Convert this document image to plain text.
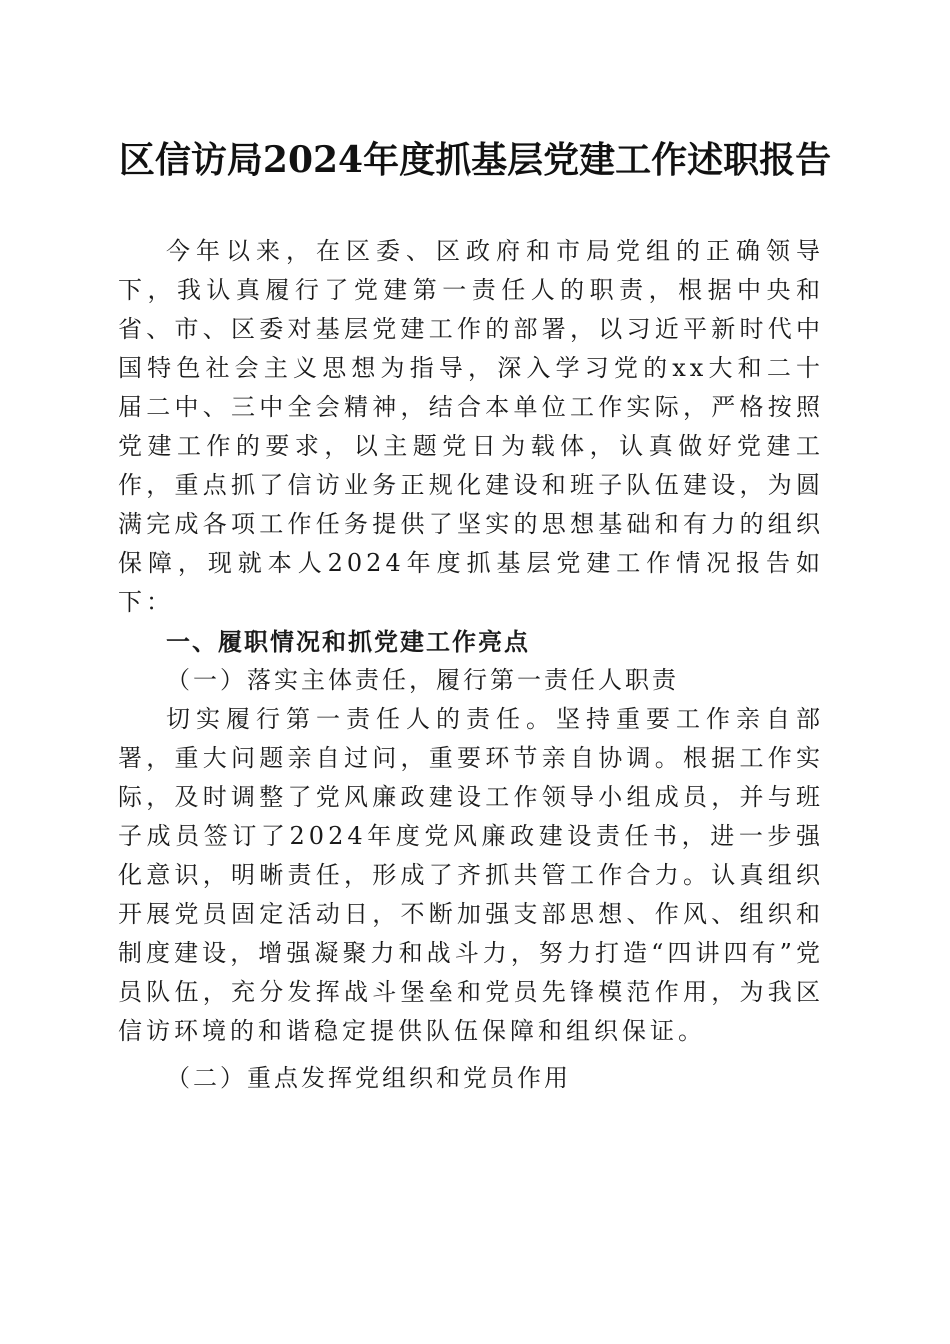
区信访局2024年度抓基层党建工作述职报告

今年以来，在区委、区政府和市局党组的正确领导下，我认真履行了党建第一责任人的职责，根据中央和省、市、区委对基层党建工作的部署，以习近平新时代中国特色社会主义思想为指导，深入学习党的xx大和二十届二中、三中全会精神，结合本单位工作实际，严格按照党建工作的要求，以主题党日为载体，认真做好党建工作，重点抓了信访业务正规化建设和班子队伍建设，为圆满完成各项工作任务提供了坚实的思想基础和有力的组织保障，现就本人2024年度抓基层党建工作情况报告如下：

一、履职情况和抓党建工作亮点

（一）落实主体责任，履行第一责任人职责

切实履行第一责任人的责任。坚持重要工作亲自部署，重大问题亲自过问，重要环节亲自协调。根据工作实际，及时调整了党风廉政建设工作领导小组成员，并与班子成员签订了2024年度党风廉政建设责任书，进一步强化意识，明晰责任，形成了齐抓共管工作合力。认真组织开展党员固定活动日，不断加强支部思想、作风、组织和制度建设，增强凝聚力和战斗力，努力打造“四讲四有”党员队伍，充分发挥战斗堡垒和党员先锋模范作用，为我区信访环境的和谐稳定提供队伍保障和组织保证。

（二）重点发挥党组织和党员作用
